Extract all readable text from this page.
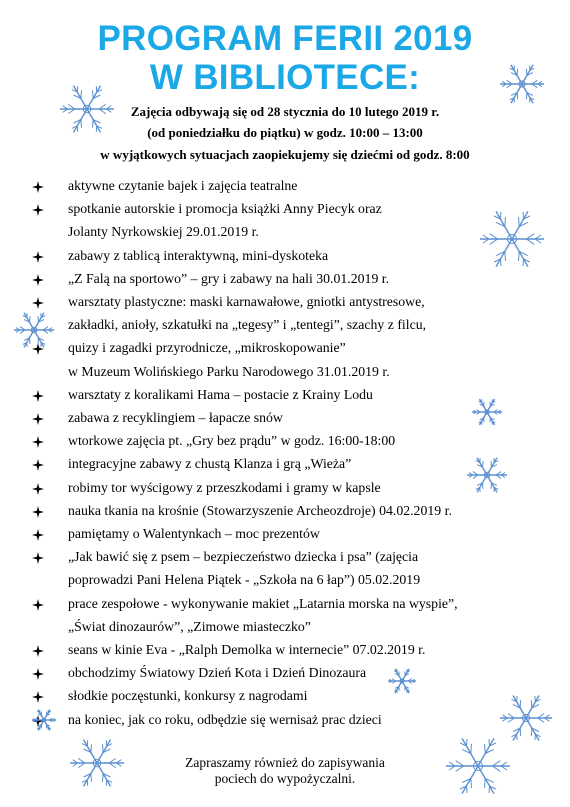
PROGRAM FERII 2019
W BIBLIOTECE:
Zajęcia odbywają się od 28 stycznia do 10 lutego 2019 r.
(od poniedziałku do piątku) w godz. 10:00 – 13:00
w wyjątkowych sytuacjach zaopiekujemy się dziećmi od godz. 8:00
aktywne czytanie bajek i zajęcia teatralne
spotkanie autorskie i promocja książki Anny Piecyk oraz
Jolanty Nyrkowskiej 29.01.2019 r.
zabawy z tablicą interaktywną, mini-dyskoteka
„Z Falą na sportowo” – gry i zabawy na hali 30.01.2019 r.
warsztaty plastyczne: maski karnawałowe, gniotki antystresowe,
zakładki, anioły, szkatułki na „tegesy” i „tentegi”, szachy z filcu,
quizy i zagadki przyrodnicze, „mikroskopowanie”
w Muzeum Wolińskiego Parku Narodowego 31.01.2019 r.
warsztaty z koralikami Hama – postacie z Krainy Lodu
zabawa z recyklingiem – łapacze snów
wtorkowe zajęcia pt. „Gry bez prądu” w godz. 16:00-18:00
integracyjne zabawy z chustą Klanza i grą „Wieża”
robimy tor wyścigowy z przeszkodami i gramy w kapsle
nauka tkania na krośnie (Stowarzyszenie Archeozdroje) 04.02.2019 r.
pamiętamy o Walentynkach – moc prezentów
„Jak bawić się z psem – bezpieczeństwo dziecka i psa” (zajęcia
poprowadzi Pani Helena Piątek - „Szkoła na 6 łap”) 05.02.2019
prace zespołowe - wykonywanie makiet „Latarnia morska na wyspie”,
„Świat dinozaurów”, „Zimowe miasteczko”
seans w kinie Eva - „Ralph Demolka w internecie” 07.02.2019 r.
obchodzimy Światowy Dzień Kota i Dzień Dinozaura
słodkie poczęstunki, konkursy z nagrodami
na koniec, jak co roku, odbędzie się wernisaż prac dzieci
Zapraszamy również do zapisywania
pociech do wypożyczalni.
